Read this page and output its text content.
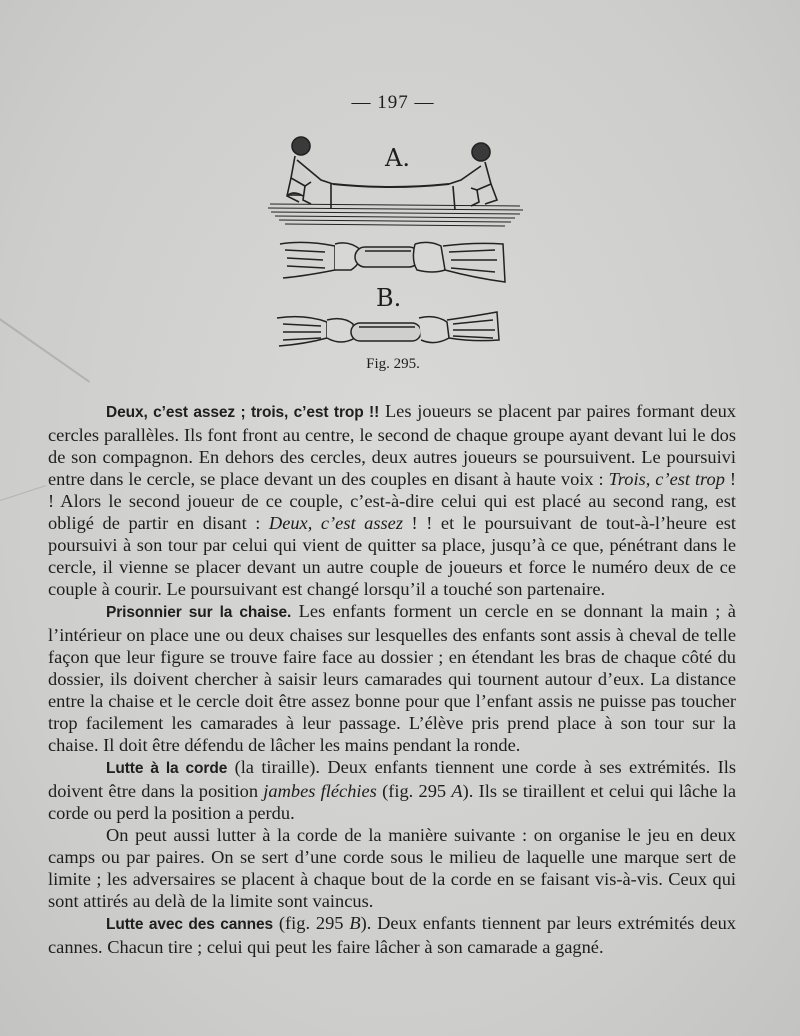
— 197 —
A.
B.
Fig. 295.

Deux, c’est assez ; trois, c’est trop !! Les joueurs se placent par paires formant deux cercles parallèles. Ils font front au centre, le second de chaque groupe ayant devant lui le dos de son compagnon. En dehors des cercles, deux autres joueurs se poursuivent. Le poursuivi entre dans le cercle, se place devant un des couples en disant à haute voix : Trois, c’est trop ! ! Alors le second joueur de ce couple, c’est-à-dire celui qui est placé au second rang, est obligé de partir en disant : Deux, c’est assez ! ! et le poursuivant de tout-à-l’heure est poursuivi à son tour par celui qui vient de quitter sa place, jusqu’à ce que, pénétrant dans le cercle, il vienne se placer devant un autre couple de joueurs et force le numéro deux de ce couple à courir. Le poursuivant est changé lorsqu’il a touché son partenaire.

Prisonnier sur la chaise. Les enfants forment un cercle en se donnant la main ; à l’intérieur on place une ou deux chaises sur lesquelles des enfants sont assis à cheval de telle façon que leur figure se trouve faire face au dossier ; en étendant les bras de chaque côté du dossier, ils doivent chercher à saisir leurs camarades qui tournent autour d’eux. La distance entre la chaise et le cercle doit être assez bonne pour que l’enfant assis ne puisse pas toucher trop facilement les camarades à leur passage. L’élève pris prend place à son tour sur la chaise. Il doit être défendu de lâcher les mains pendant la ronde.

Lutte à la corde (la tiraille). Deux enfants tiennent une corde à ses extrémités. Ils doivent être dans la position jambes fléchies (fig. 295 A). Ils se tiraillent et celui qui lâche la corde ou perd la position a perdu.

On peut aussi lutter à la corde de la manière suivante : on organise le jeu en deux camps ou par paires. On se sert d’une corde sous le milieu de laquelle une marque sert de limite ; les adversaires se placent à chaque bout de la corde en se faisant vis-à-vis. Ceux qui sont attirés au delà de la limite sont vaincus.

Lutte avec des cannes (fig. 295 B). Deux enfants tiennent par leurs extrémités deux cannes. Chacun tire ; celui qui peut les faire lâcher à son camarade a gagné.
